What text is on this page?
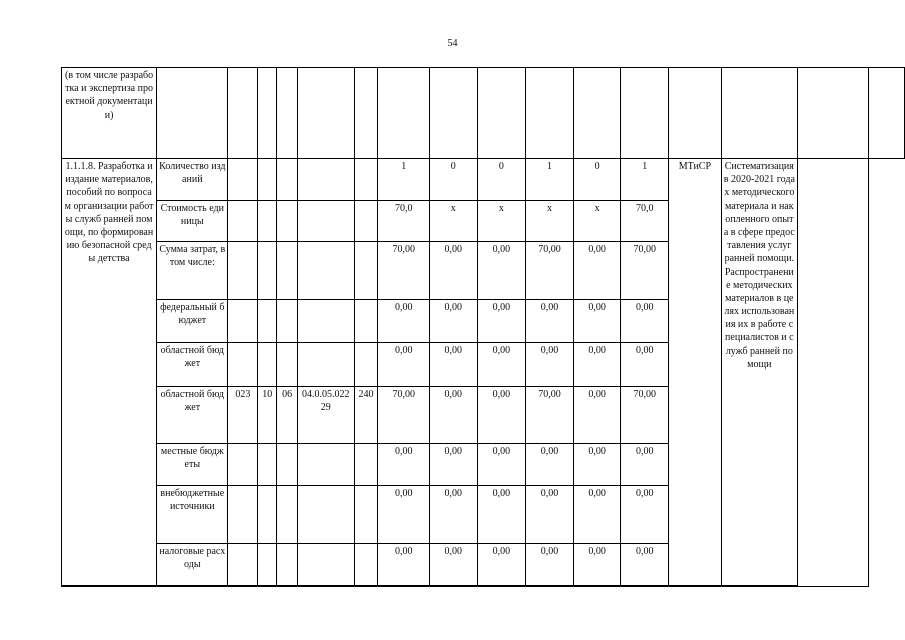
54
(в том числе разработка и экспертиза проектной документации)															
1.1.1.8. Разработка и издание материалов, пособий по вопросам организации работы служб ранней помощи, по формированию безопасной среды детства	Количество изданий						1	0	0	1	0	1	МТиСР	Систематизация в 2020-2021 годах методического материала и накопленного опыта в сфере предоставления услуг ранней помощи. Распространение методических материалов в целях использования их в работе специалистов и служб ранней помощи	
	Стоимость единицы						70,0	х	х	х	х	70,0			
	Сумма затрат, в том числе:						70,00	0,00	0,00	70,00	0,00	70,00			
	федеральный бюджет						0,00	0,00	0,00	0,00	0,00	0,00			
	областной бюджет						0,00	0,00	0,00	0,00	0,00	0,00			
	областной бюджет	023	10	06	04.0.05.02229	240	70,00	0,00	0,00	70,00	0,00	70,00			
	местные бюджеты						0,00	0,00	0,00	0,00	0,00	0,00			
	внебюджетные источники						0,00	0,00	0,00	0,00	0,00	0,00			
	налоговые расходы						0,00	0,00	0,00	0,00	0,00	0,00			
